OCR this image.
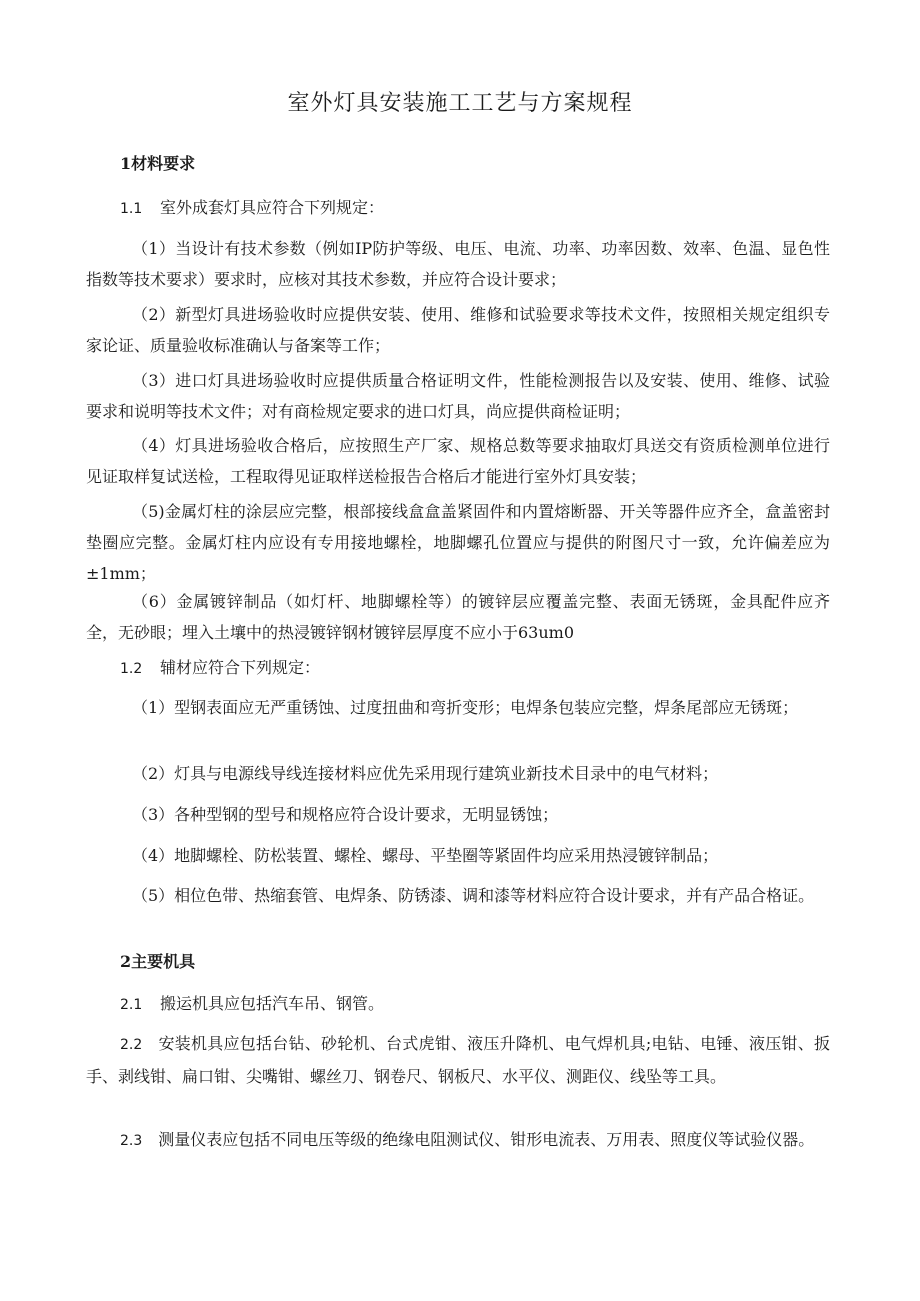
室外灯具安装施工工艺与方案规程

1材料要求

1.1 室外成套灯具应符合下列规定：

（1）当设计有技术参数（例如IP防护等级、电压、电流、功率、功率因数、效率、色温、显色性指数等技术要求）要求时，应核对其技术参数，并应符合设计要求；

（2）新型灯具进场验收时应提供安装、使用、维修和试验要求等技术文件，按照相关规定组织专家论证、质量验收标准确认与备案等工作；

（3）进口灯具进场验收时应提供质量合格证明文件，性能检测报告以及安装、使用、维修、试验要求和说明等技术文件；对有商检规定要求的进口灯具，尚应提供商检证明；

（4）灯具进场验收合格后，应按照生产厂家、规格总数等要求抽取灯具送交有资质检测单位进行见证取样复试送检，工程取得见证取样送检报告合格后才能进行室外灯具安装；

（5)金属灯柱的涂层应完整，根部接线盒盒盖紧固件和内置熔断器、开关等器件应齐全，盒盖密封垫圈应完整。金属灯柱内应设有专用接地螺栓，地脚螺孔位置应与提供的附图尺寸一致，允许偏差应为±1mm；

（6）金属镀锌制品（如灯杆、地脚螺栓等）的镀锌层应覆盖完整、表面无锈斑，金具配件应齐全，无砂眼；埋入土壤中的热浸镀锌钢材镀锌层厚度不应小于63um0

1.2 辅材应符合下列规定：

（1）型钢表面应无严重锈蚀、过度扭曲和弯折变形；电焊条包装应完整，焊条尾部应无锈斑；

（2）灯具与电源线导线连接材料应优先采用现行建筑业新技术目录中的电气材料；

（3）各种型钢的型号和规格应符合设计要求，无明显锈蚀；

（4）地脚螺栓、防松装置、螺栓、螺母、平垫圈等紧固件均应采用热浸镀锌制品；

（5）相位色带、热缩套管、电焊条、防锈漆、调和漆等材料应符合设计要求，并有产品合格证。

2主要机具

2.1 搬运机具应包括汽车吊、钢管。

2.2 安装机具应包括台钻、砂轮机、台式虎钳、液压升降机、电气焊机具;电钻、电锤、液压钳、扳手、剥线钳、扁口钳、尖嘴钳、螺丝刀、钢卷尺、钢板尺、水平仪、测距仪、线坠等工具。

2.3 测量仪表应包括不同电压等级的绝缘电阻测试仪、钳形电流表、万用表、照度仪等试验仪器。
